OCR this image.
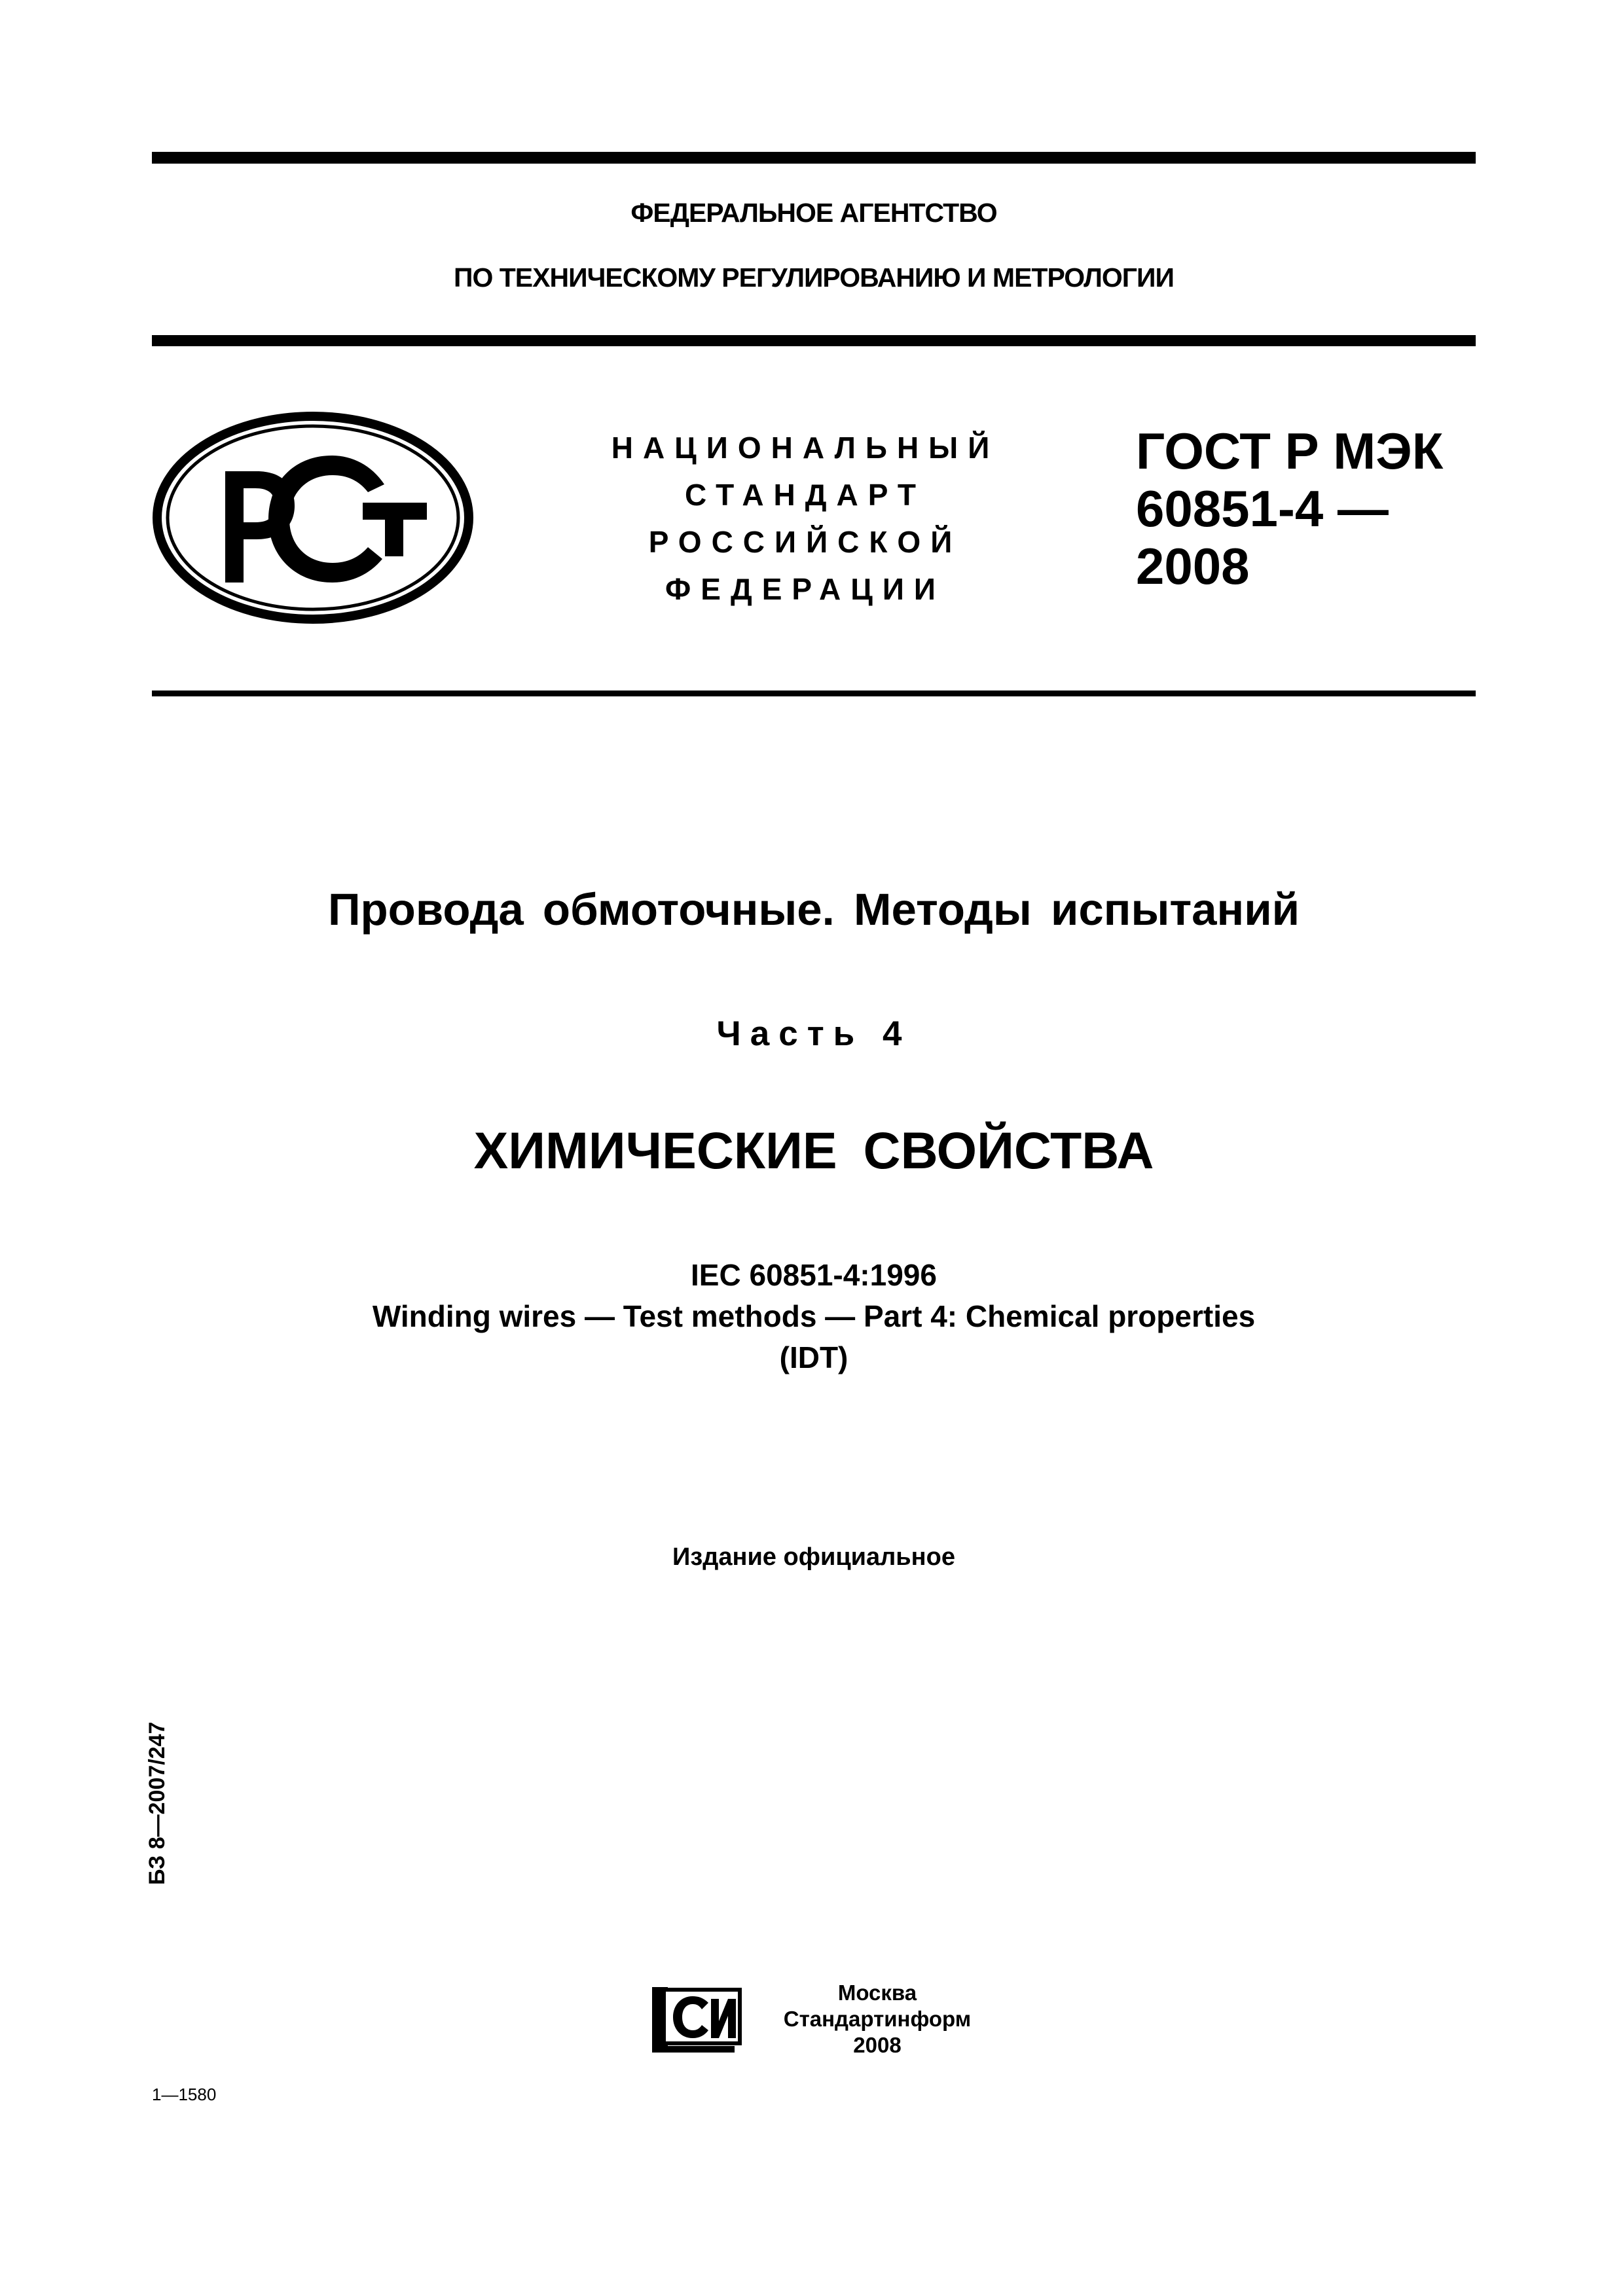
ФЕДЕРАЛЬНОЕ АГЕНТСТВО
ПО ТЕХНИЧЕСКОМУ РЕГУЛИРОВАНИЮ И МЕТРОЛОГИИ
НАЦИОНАЛЬНЫЙ
СТАНДАРТ
РОССИЙСКОЙ
ФЕДЕРАЦИИ
ГОСТ Р МЭК
60851-4 —
2008
Провода обмоточные. Методы испытаний
Часть 4
ХИМИЧЕСКИЕ СВОЙСТВА
IEC 60851-4:1996
Winding wires — Test methods — Part 4: Chemical properties
(IDT)
Издание официальное
БЗ 8—2007/247
Москва
Стандартинформ
2008
1—1580
